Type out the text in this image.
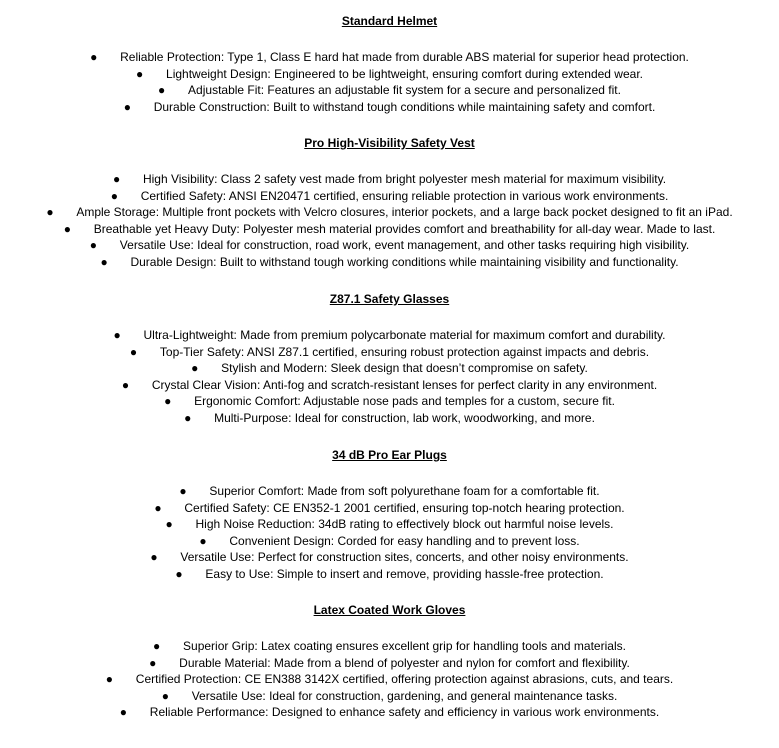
Standard Helmet
● Reliable Protection: Type 1, Class E hard hat made from durable ABS material for superior head protection.
● Lightweight Design: Engineered to be lightweight, ensuring comfort during extended wear.
● Adjustable Fit: Features an adjustable fit system for a secure and personalized fit.
● Durable Construction: Built to withstand tough conditions while maintaining safety and comfort.
Pro High-Visibility Safety Vest
● High Visibility: Class 2 safety vest made from bright polyester mesh material for maximum visibility.
● Certified Safety: ANSI EN20471 certified, ensuring reliable protection in various work environments.
● Ample Storage: Multiple front pockets with Velcro closures, interior pockets, and a large back pocket designed to fit an iPad.
● Breathable yet Heavy Duty: Polyester mesh material provides comfort and breathability for all-day wear. Made to last.
● Versatile Use: Ideal for construction, road work, event management, and other tasks requiring high visibility.
● Durable Design: Built to withstand tough working conditions while maintaining visibility and functionality.
Z87.1 Safety Glasses
● Ultra-Lightweight: Made from premium polycarbonate material for maximum comfort and durability.
● Top-Tier Safety: ANSI Z87.1 certified, ensuring robust protection against impacts and debris.
● Stylish and Modern: Sleek design that doesn’t compromise on safety.
● Crystal Clear Vision: Anti-fog and scratch-resistant lenses for perfect clarity in any environment.
● Ergonomic Comfort: Adjustable nose pads and temples for a custom, secure fit.
● Multi-Purpose: Ideal for construction, lab work, woodworking, and more.
34 dB Pro Ear Plugs
● Superior Comfort: Made from soft polyurethane foam for a comfortable fit.
● Certified Safety: CE EN352-1 2001 certified, ensuring top-notch hearing protection.
● High Noise Reduction: 34dB rating to effectively block out harmful noise levels.
● Convenient Design: Corded for easy handling and to prevent loss.
● Versatile Use: Perfect for construction sites, concerts, and other noisy environments.
● Easy to Use: Simple to insert and remove, providing hassle-free protection.
Latex Coated Work Gloves
● Superior Grip: Latex coating ensures excellent grip for handling tools and materials.
● Durable Material: Made from a blend of polyester and nylon for comfort and flexibility.
● Certified Protection: CE EN388 3142X certified, offering protection against abrasions, cuts, and tears.
● Versatile Use: Ideal for construction, gardening, and general maintenance tasks.
● Reliable Performance: Designed to enhance safety and efficiency in various work environments.
